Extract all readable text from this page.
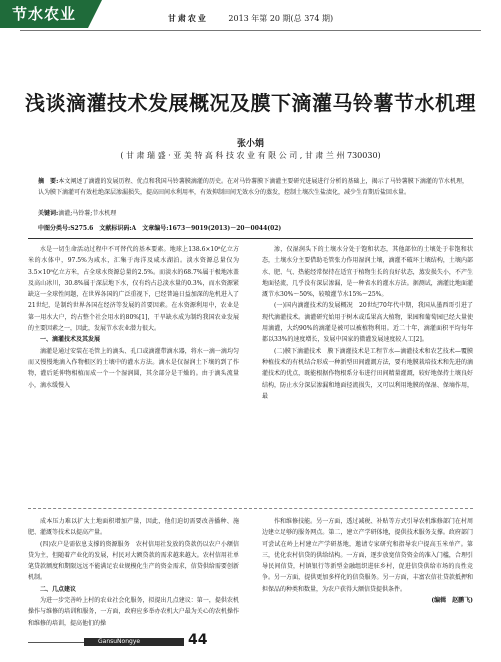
节水农业	甘肃农业	2013 年第 20 期(总 374 期)
浅谈滴灌技术发展概况及膜下滴灌马铃薯节水机理
张小娟
( 甘 肃 瑞 盛 · 亚 美 特 高 科 技 农 业 有 限 公 司 , 甘 肃 兰 州 730030)

摘　要:本文阐述了滴灌的发展历程、优点和我国马铃薯膜滴灌的历史。在对马铃薯膜下滴灌主要研究进展进行分析的基础上，揭示了马铃薯膜下滴灌的节水机理，认为膜下滴灌可有效杜绝深层渗漏损失，提高田间水利用率，有效抑制田间无效水分的蒸发，控制土壤次生盐渍化，减少生育期后盐回水量。

关键词:滴灌;马铃薯;节水机理
中图分类号:S275.6　文献标识码:A　文章编号:1673－9019(2013)－20－0044(02)

水是一切生命活动过程中不可替代的基本要素。地球上138.6×10⁸亿立方米的水体中，97.5%为咸水，汇集于海洋及咸水湖泊。淡水资源总量仅为3.5×10⁸亿立方米，占全球水资源总量的2.5%。而淡水的68.7%属于极地冰盖及高山冰川，30.8%属于深层地下水，仅有约占总淡水量的0.3%，而水资源紧缺这一全球性问题，在世界各国的广泛重视下，已经普遍日益加深的危机进入了21世纪，是制约世界各国在经济等发展的首要因素。在水资源利用中，农业是第一用水大户，约占整个社会用水的80%[1]，干旱缺水成为制约我国农业发展的主要因素之一，因此，发展节水农业潜力很大。

一、滴灌技术及其发展

滴灌是通过安装在毛管上的滴头、孔口或滴灌带滴水器，将水一滴一滴均匀而又慢慢地滴入作物根区的土壤中的灌水方法。滴水是仅湿润土下壤的到了作物，灌后延伸物相植而成一个一个湿润圆，其余部分是干燥的。由于滴头流量小，滴水缓慢入

渗，仅湿润头下的土壤水分处于饱和状态，其他部位的土壤处于非饱和状态，土壤水分主要借助毛管张力作用湿润土壤，滴灌不破坏土壤结构，土壤内部水、肥、气、热能经常保持在适宜于植物生长的良好状态，蒸发损失小，不产生地面径流，几乎没有深层渗漏，是一种省水的灌水方法。据测试，滴灌比地面灌溉节水30%～50%，较喷灌节水15%～25%。

(一)国内滴灌技术的发展概况　20世纪70年代中期，我国从墨西哥引进了现代滴灌技术。滴灌研究始用于树木或瓜果高大植物，果园和葡萄园已经大量使用滴灌，大约90%的滴灌是被可以被植物利用。近二十年，滴灌面积平均每年都以33%的速度增长，发展中国家的微灌发展速度较人工[2]。

(二)膜下滴灌技术　膜下滴灌技术是工程节水—滴灌技术和农艺技术—覆膜种植技术的有机结合形成一种新型田间灌溉方法，要有地膜栽培技术和先进的滴灌技术的优点，既能根据作物根系分布进行田间精量灌溉，较好地保持土壤良好结构，防止水分深层渗漏和地面径流损失，又可以利用地膜的保湿、保墒作用，最

成本压力难以扩大土地面积增加产量，因此，他们迫切需要改善播种、施肥、灌溉等技术以提高产量。

(四)农户是需依息支撑的资源服务　农村信用社发放的贷款仍以农户小额信贷为主，但随着产业化的发展，村民对大额贷款的需求越来越大。农村信用社单笔贷款额度和期限远远不能满足农业规模化生产的资金需求，信贷供给需要创新机制。

二、几点建议

为进一步完善岭上村的农业社会化服务，拟提出几点建议：第一，提供农机操作与维修的培训和服务，一方面，政府应多举办农机大户最为关心的农机操作和维修的培训，提高他们的操

作和维修技能。另一方面，透过减税、补贴等方式引导农机维修部门在村周边建立足够的服务网点。第二，建立产学研体地，提供技术服务支撑。政府部门可尝试在岭上村建立产学研基地，邀请专家研究和指导农户提高玉米单产。第三，优化农村信贷的供给结构。一方面，逐步放宽信贷资金的准入门槛，合理引导民间信贷，村镇银行等新型金融组织进驻乡村，促进信贷供给市场的良性竞争。另一方面，提供更加多样化的信贷服务。另一方面，丰富农信社贷款抵押和担保品的种类和数量，为农户获得大额信贷提供条件。

(编辑　赵鹏飞)
GansuNongye	44
